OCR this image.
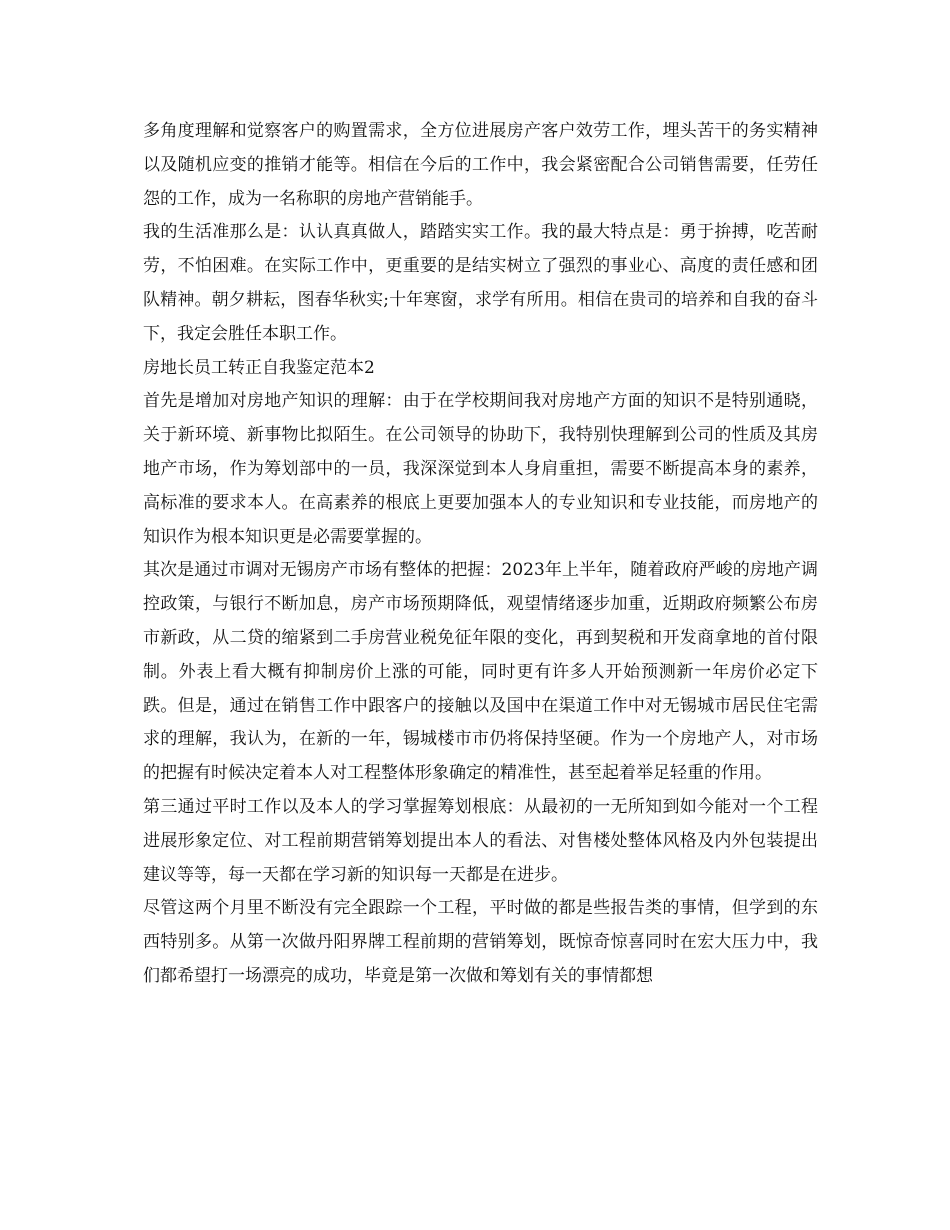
多角度理解和觉察客户的购置需求，全方位进展房产客户效劳工作，埋头苦干的务实精神以及随机应变的推销才能等。相信在今后的工作中，我会紧密配合公司销售需要，任劳任怨的工作，成为一名称职的房地产营销能手。

我的生活准那么是：认认真真做人，踏踏实实工作。我的最大特点是：勇于拚搏，吃苦耐劳，不怕困难。在实际工作中，更重要的是结实树立了强烈的事业心、高度的责任感和团队精神。朝夕耕耘，图春华秋实;十年寒窗，求学有所用。相信在贵司的培养和自我的奋斗下，我定会胜任本职工作。

房地长员工转正自我鉴定范本2

首先是增加对房地产知识的理解：由于在学校期间我对房地产方面的知识不是特别通晓，关于新环境、新事物比拟陌生。在公司领导的协助下，我特别快理解到公司的性质及其房地产市场，作为筹划部中的一员，我深深觉到本人身肩重担，需要不断提高本身的素养，高标准的要求本人。在高素养的根底上更要加强本人的专业知识和专业技能，而房地产的知识作为根本知识更是必需要掌握的。

其次是通过市调对无锡房产市场有整体的把握：2023年上半年，随着政府严峻的房地产调控政策，与银行不断加息，房产市场预期降低，观望情绪逐步加重，近期政府频繁公布房市新政，从二贷的缩紧到二手房营业税免征年限的变化，再到契税和开发商拿地的首付限制。外表上看大概有抑制房价上涨的可能，同时更有许多人开始预测新一年房价必定下跌。但是，通过在销售工作中跟客户的接触以及国中在渠道工作中对无锡城市居民住宅需求的理解，我认为，在新的一年，锡城楼市市仍将保持坚硬。作为一个房地产人，对市场的把握有时候决定着本人对工程整体形象确定的精准性，甚至起着举足轻重的作用。

第三通过平时工作以及本人的学习掌握筹划根底：从最初的一无所知到如今能对一个工程进展形象定位、对工程前期营销筹划提出本人的看法、对售楼处整体风格及内外包装提出建议等等，每一天都在学习新的知识每一天都是在进步。

尽管这两个月里不断没有完全跟踪一个工程，平时做的都是些报告类的事情，但学到的东西特别多。从第一次做丹阳界牌工程前期的营销筹划，既惊奇惊喜同时在宏大压力中，我们都希望打一场漂亮的成功，毕竟是第一次做和筹划有关的事情都想
